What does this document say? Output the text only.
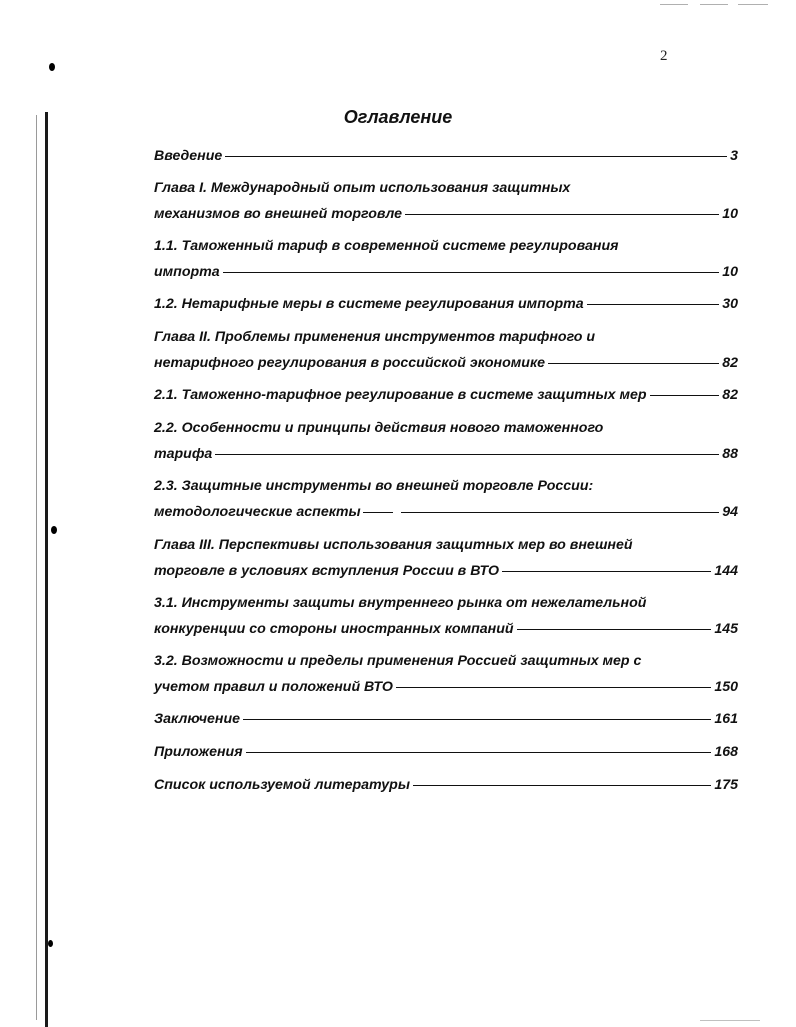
2
Оглавление
Введение	3
Глава I. Международный опыт использования защитных
механизмов во внешней торговле	10
1.1. Таможенный тариф в современной системе регулирования
импорта	10
1.2. Нетарифные меры в системе регулирования импорта	30
Глава II. Проблемы применения инструментов тарифного и
нетарифного регулирования в российской экономике	82
2.1. Таможенно-тарифное регулирование в системе защитных мер	82
2.2. Особенности и принципы действия нового таможенного
тарифа	88
2.3. Защитные инструменты во внешней торговле России:
методологические аспекты	94
Глава III. Перспективы использования защитных мер во внешней
торговле в условиях вступления России в ВТО	144
3.1. Инструменты защиты внутреннего рынка от нежелательной
конкуренции со стороны иностранных компаний	145
3.2. Возможности и пределы применения Россией защитных мер с
учетом правил и положений ВТО	150
Заключение	161
Приложения	168
Список используемой литературы	175
